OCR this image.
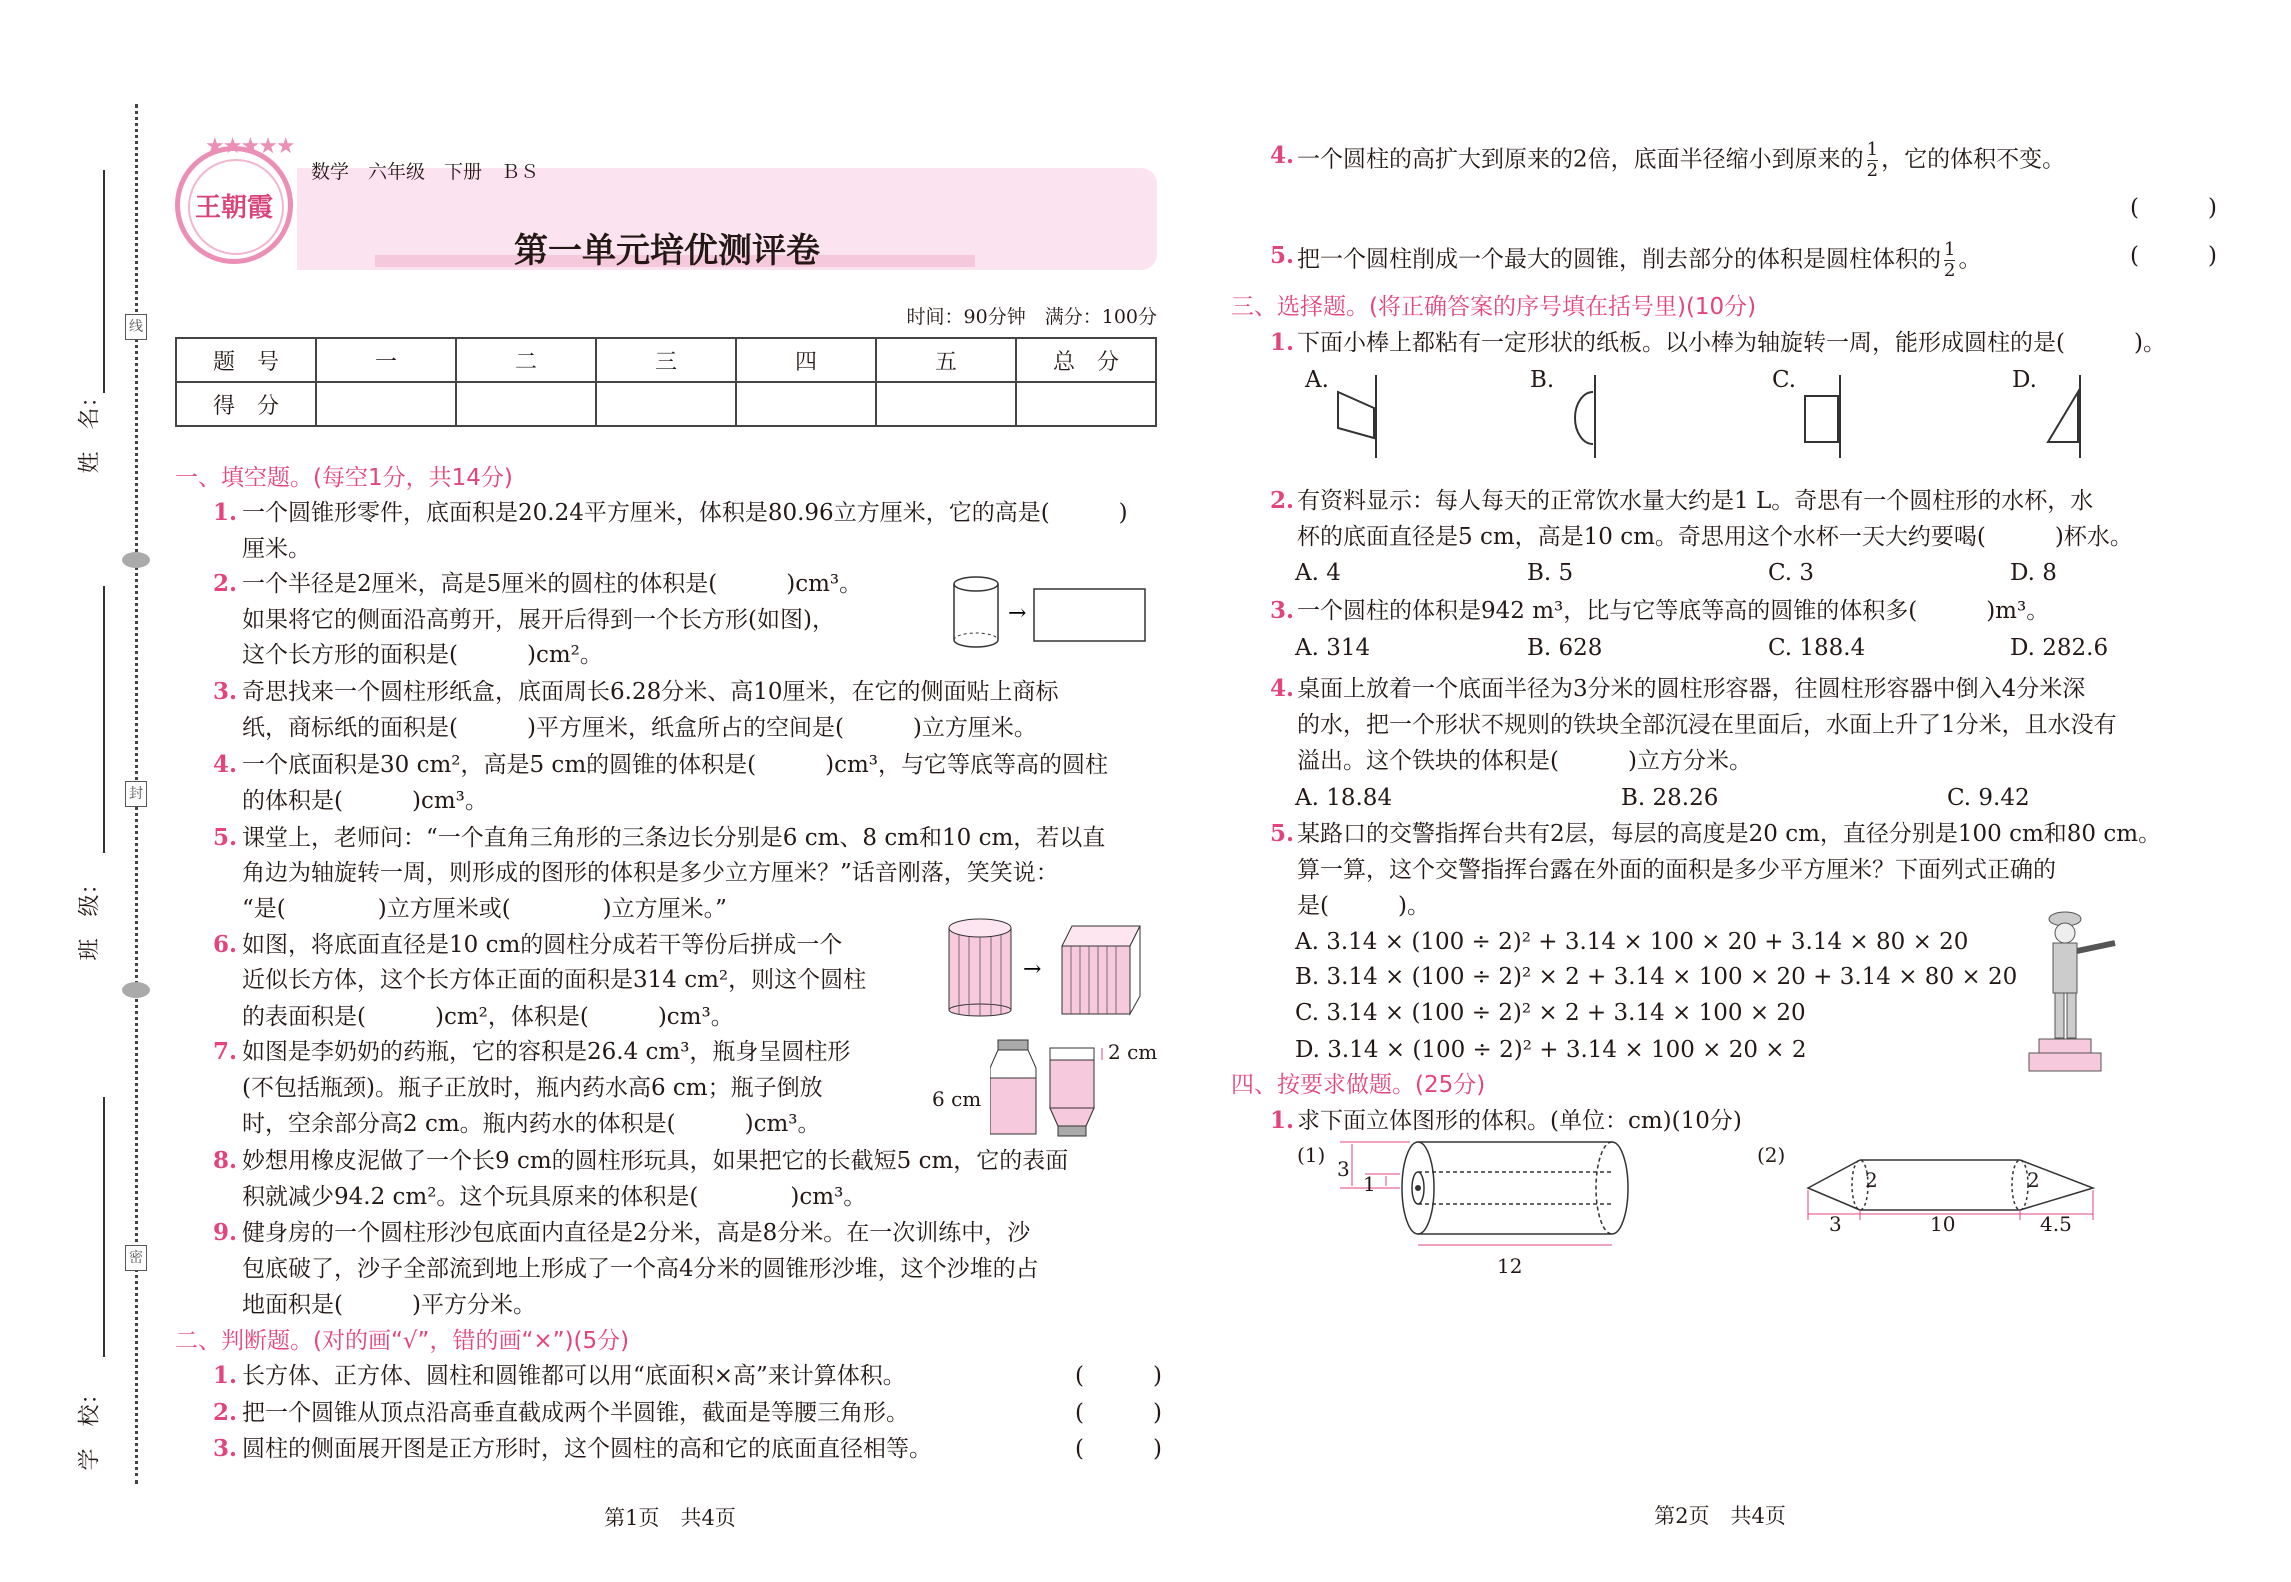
姓　名：
班　级：
学　校：
线
封
密
王朝霞
★★★★★
数学　六年级　下册　ＢＳ
第一单元培优测评卷
时间：90分钟　满分：100分
题　号	一	二	三	四	五	总　分
得　分						
一、填空题。(每空1分，共14分)
1. 一个圆锥形零件，底面积是20.24平方厘米，体积是80.96立方厘米，它的高是(　　　)
厘米。
2. 一个半径是2厘米，高是5厘米的圆柱的体积是(　　　)cm³。
如果将它的侧面沿高剪开，展开后得到一个长方形(如图)，
这个长方形的面积是(　　　)cm²。
→
3. 奇思找来一个圆柱形纸盒，底面周长6.28分米、高10厘米，在它的侧面贴上商标
纸，商标纸的面积是(　　　)平方厘米，纸盒所占的空间是(　　　)立方厘米。
4. 一个底面积是30 cm²，高是5 cm的圆锥的体积是(　　　)cm³，与它等底等高的圆柱
的体积是(　　　)cm³。
5. 课堂上，老师问：“一个直角三角形的三条边长分别是6 cm、8 cm和10 cm，若以直
角边为轴旋转一周，则形成的图形的体积是多少立方厘米？”话音刚落，笑笑说：
“是(　　　　)立方厘米或(　　　　)立方厘米。”
6. 如图，将底面直径是10 cm的圆柱分成若干等份后拼成一个
近似长方体，这个长方体正面的面积是314 cm²，则这个圆柱
的表面积是(　　　)cm²，体积是(　　　)cm³。
→
7. 如图是李奶奶的药瓶，它的容积是26.4 cm³，瓶身呈圆柱形
(不包括瓶颈)。瓶子正放时，瓶内药水高6 cm；瓶子倒放
时，空余部分高2 cm。瓶内药水的体积是(　　　)cm³。
2 cm
6 cm
8. 妙想用橡皮泥做了一个长9 cm的圆柱形玩具，如果把它的长截短5 cm，它的表面
积就减少94.2 cm²。这个玩具原来的体积是(　　　　)cm³。
9. 健身房的一个圆柱形沙包底面内直径是2分米，高是8分米。在一次训练中，沙
包底破了，沙子全部流到地上形成了一个高4分米的圆锥形沙堆，这个沙堆的占
地面积是(　　　)平方分米。
二、判断题。(对的画“√”，错的画“×”)(5分)
1. 长方体、正方体、圆柱和圆锥都可以用“底面积×高”来计算体积。	(　　　)
2. 把一个圆锥从顶点沿高垂直截成两个半圆锥，截面是等腰三角形。	(　　　)
3. 圆柱的侧面展开图是正方形时，这个圆柱的高和它的底面直径相等。	(　　　)
第1页　共4页
4. 一个圆柱的高扩大到原来的2倍，底面半径缩小到原来的 $\frac{1}{2}$ ，它的体积不变。
(　　　)
5. 把一个圆柱削成一个最大的圆锥，削去部分的体积是圆柱体积的 $\frac{1}{2}$ 。	(　　　)
三、选择题。(将正确答案的序号填在括号里)(10分)
1. 下面小棒上都粘有一定形状的纸板。以小棒为轴旋转一周，能形成圆柱的是(　　　)。
A.	B.	C.	D.
2. 有资料显示：每人每天的正常饮水量大约是1 L。奇思有一个圆柱形的水杯，水
杯的底面直径是5 cm，高是10 cm。奇思用这个水杯一天大约要喝(　　　)杯水。
A. 4	B. 5	C. 3	D. 8
3. 一个圆柱的体积是942 m³，比与它等底等高的圆锥的体积多(　　　)m³。
A. 314	B. 628	C. 188.4	D. 282.6
4. 桌面上放着一个底面半径为3分米的圆柱形容器，往圆柱形容器中倒入4分米深
的水，把一个形状不规则的铁块全部沉浸在里面后，水面上升了1分米，且水没有
溢出。这个铁块的体积是(　　　)立方分米。
A. 18.84	B. 28.26	C. 9.42
5. 某路口的交警指挥台共有2层，每层的高度是20 cm，直径分别是100 cm和80 cm。
算一算，这个交警指挥台露在外面的面积是多少平方厘米？下面列式正确的
是(　　　)。
A. 3.14 × (100 ÷ 2)² + 3.14 × 100 × 20 + 3.14 × 80 × 20
B. 3.14 × (100 ÷ 2)² × 2 + 3.14 × 100 × 20 + 3.14 × 80 × 20
C. 3.14 × (100 ÷ 2)² × 2 + 3.14 × 100 × 20
D. 3.14 × (100 ÷ 2)² + 3.14 × 100 × 20 × 2
四、按要求做题。(25分)
1. 求下面立体图形的体积。(单位：cm)(10分)
(1)
3
1
12
(2)
2	2
3	10	4.5
第2页　共4页
